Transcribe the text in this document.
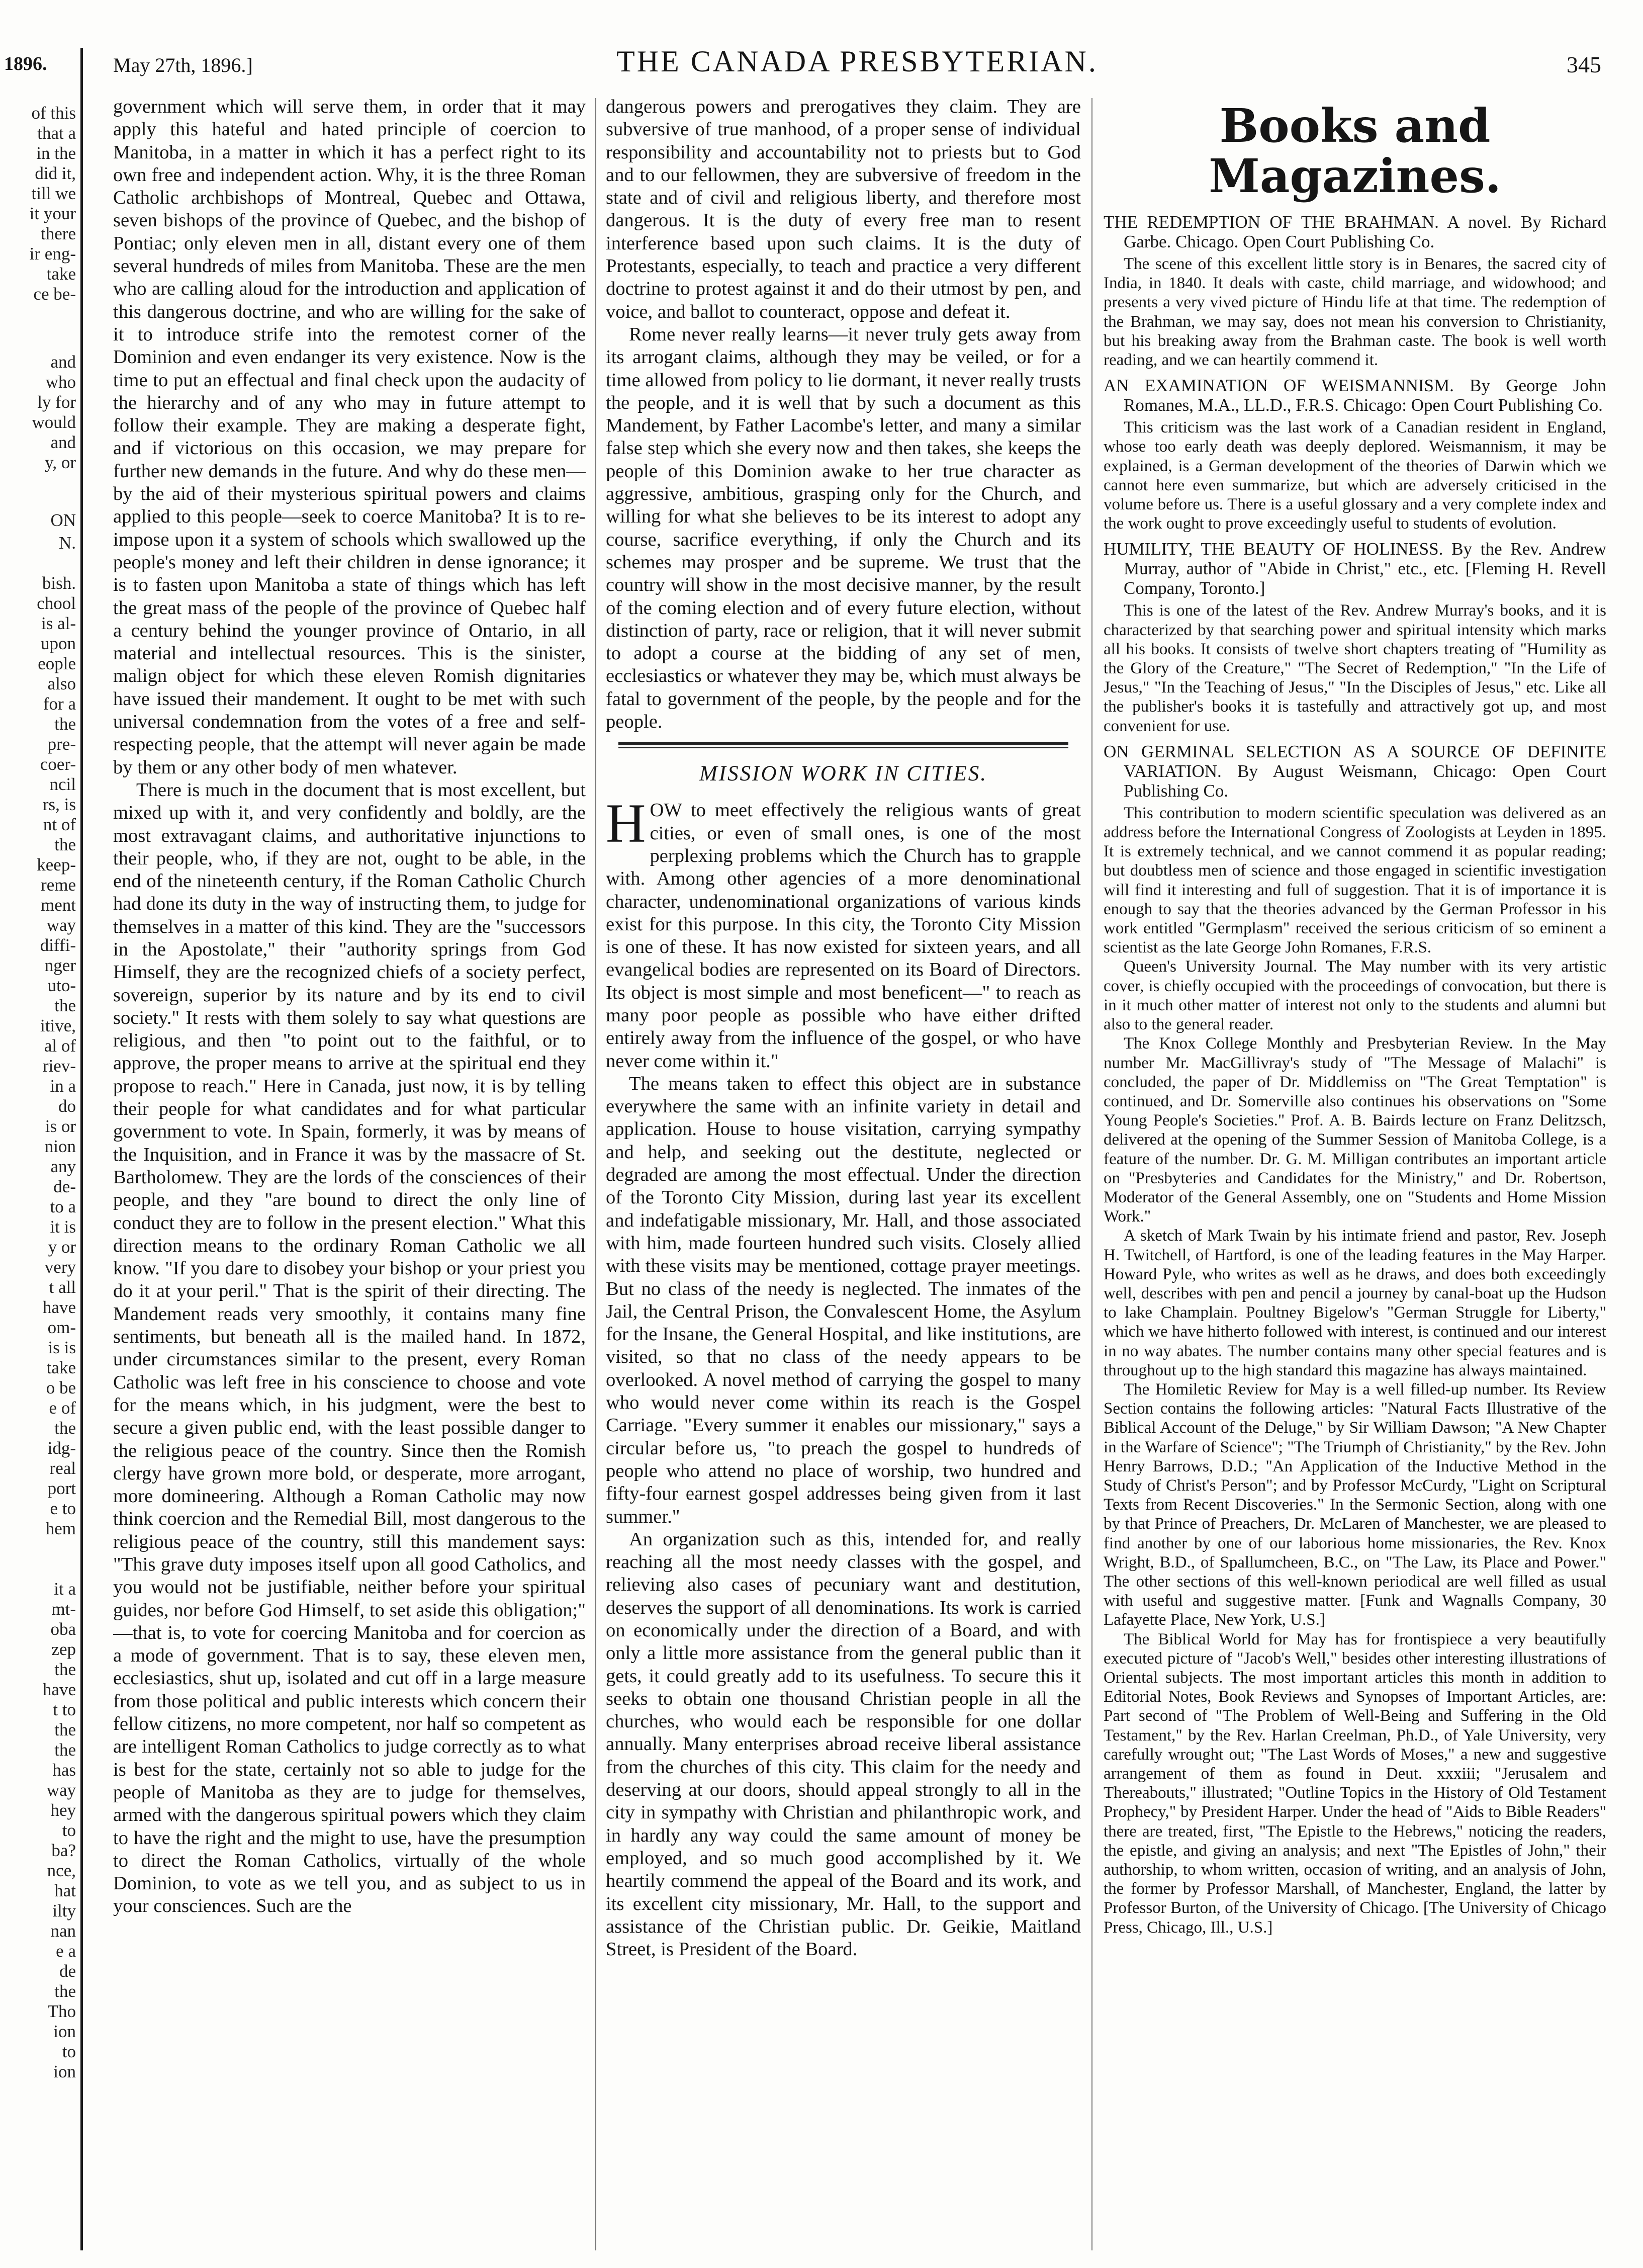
1896.
of this
that a
in the
did it,
till we
it your
there
ir eng-
take
ce be-
and
who
ly for
would
and
y, or
ON
N.
bish.
chool
is al-
upon
eople
also
for a
the
pre-
coer-
ncil
rs, is
nt of
the
keep-
reme
ment
way
diffi-
nger
uto-
the
itive,
al of
riev-
in a
do
is or
nion
any
de-
to a
it is
y or
very
t all
have
om-
is is
take
o be
e of
the
idg-
real
port
e to
hem
it a
mt-
oba
zep
the
have
t to
the
the
has
way
hey
to
ba?
nce,
hat
ilty
nan
e a
de
the
Tho
ion
to
ion
THE CANADA PRESBYTERIAN.
May 27th, 1896.]	345

government which will serve them, in order that it may apply this hateful and hated principle of coercion to Manitoba, in a matter in which it has a perfect right to its own free and independent action. Why, it is the three Roman Catholic archbishops of Montreal, Quebec and Ottawa, seven bishops of the province of Quebec, and the bishop of Pontiac; only eleven men in all, distant every one of them several hundreds of miles from Manitoba. These are the men who are calling aloud for the introduction and application of this dangerous doctrine, and who are willing for the sake of it to introduce strife into the remotest corner of the Dominion and even endanger its very existence. Now is the time to put an effectual and final check upon the audacity of the hierarchy and of any who may in future attempt to follow their example. They are making a desperate fight, and if victorious on this occasion, we may prepare for further new demands in the future. And why do these men—by the aid of their mysterious spiritual powers and claims applied to this people—seek to coerce Manitoba? It is to re-impose upon it a system of schools which swallowed up the people's money and left their children in dense ignorance; it is to fasten upon Manitoba a state of things which has left the great mass of the people of the province of Quebec half a century behind the younger province of Ontario, in all material and intellectual resources. This is the sinister, malign object for which these eleven Romish dignitaries have issued their mandement. It ought to be met with such universal condemnation from the votes of a free and self-respecting people, that the attempt will never again be made by them or any other body of men whatever.

There is much in the document that is most excellent, but mixed up with it, and very confidently and boldly, are the most extravagant claims, and authoritative injunctions to their people, who, if they are not, ought to be able, in the end of the nineteenth century, if the Roman Catholic Church had done its duty in the way of instructing them, to judge for themselves in a matter of this kind. They are the "successors in the Apostolate," their "authority springs from God Himself, they are the recognized chiefs of a society perfect, sovereign, superior by its nature and by its end to civil society." It rests with them solely to say what questions are religious, and then "to point out to the faithful, or to approve, the proper means to arrive at the spiritual end they propose to reach." Here in Canada, just now, it is by telling their people for what candidates and for what particular government to vote. In Spain, formerly, it was by means of the Inquisition, and in France it was by the massacre of St. Bartholomew. They are the lords of the consciences of their people, and they "are bound to direct the only line of conduct they are to follow in the present election." What this direction means to the ordinary Roman Catholic we all know. "If you dare to disobey your bishop or your priest you do it at your peril." That is the spirit of their directing. The Mandement reads very smoothly, it contains many fine sentiments, but beneath all is the mailed hand. In 1872, under circumstances similar to the present, every Roman Catholic was left free in his conscience to choose and vote for the means which, in his judgment, were the best to secure a given public end, with the least possible danger to the religious peace of the country. Since then the Romish clergy have grown more bold, or desperate, more arrogant, more domineering. Although a Roman Catholic may now think coercion and the Remedial Bill, most dangerous to the religious peace of the country, still this mandement says: "This grave duty imposes itself upon all good Catholics, and you would not be justifiable, neither before your spiritual guides, nor before God Himself, to set aside this obligation;" —that is, to vote for coercing Manitoba and for coercion as a mode of government. That is to say, these eleven men, ecclesiastics, shut up, isolated and cut off in a large measure from those political and public interests which concern their fellow citizens, no more competent, nor half so competent as are intelligent Roman Catholics to judge correctly as to what is best for the state, certainly not so able to judge for the people of Manitoba as they are to judge for themselves, armed with the dangerous spiritual powers which they claim to have the right and the might to use, have the presumption to direct the Roman Catholics, virtually of the whole Dominion, to vote as we tell you, and as subject to us in your consciences. Such are the

dangerous powers and prerogatives they claim. They are subversive of true manhood, of a proper sense of individual responsibility and accountability not to priests but to God and to our fellowmen, they are subversive of freedom in the state and of civil and religious liberty, and therefore most dangerous. It is the duty of every free man to resent interference based upon such claims. It is the duty of Protestants, especially, to teach and practice a very different doctrine to protest against it and do their utmost by pen, and voice, and ballot to counteract, oppose and defeat it.

Rome never really learns—it never truly gets away from its arrogant claims, although they may be veiled, or for a time allowed from policy to lie dormant, it never really trusts the people, and it is well that by such a document as this Mandement, by Father Lacombe's letter, and many a similar false step which she every now and then takes, she keeps the people of this Dominion awake to her true character as aggressive, ambitious, grasping only for the Church, and willing for what she believes to be its interest to adopt any course, sacrifice everything, if only the Church and its schemes may prosper and be supreme. We trust that the country will show in the most decisive manner, by the result of the coming election and of every future election, without distinction of party, race or religion, that it will never submit to adopt a course at the bidding of any set of men, ecclesiastics or whatever they may be, which must always be fatal to government of the people, by the people and for the people.

MISSION WORK IN CITIES.

HOW to meet effectively the religious wants of great cities, or even of small ones, is one of the most perplexing problems which the Church has to grapple with. Among other agencies of a more denominational character, undenominational organizations of various kinds exist for this purpose. In this city, the Toronto City Mission is one of these. It has now existed for sixteen years, and all evangelical bodies are represented on its Board of Directors. Its object is most simple and most beneficent—" to reach as many poor people as possible who have either drifted entirely away from the influence of the gospel, or who have never come within it."

The means taken to effect this object are in substance everywhere the same with an infinite variety in detail and application. House to house visitation, carrying sympathy and help, and seeking out the destitute, neglected or degraded are among the most effectual. Under the direction of the Toronto City Mission, during last year its excellent and indefatigable missionary, Mr. Hall, and those associated with him, made fourteen hundred such visits. Closely allied with these visits may be mentioned, cottage prayer meetings. But no class of the needy is neglected. The inmates of the Jail, the Central Prison, the Convalescent Home, the Asylum for the Insane, the General Hospital, and like institutions, are visited, so that no class of the needy appears to be overlooked. A novel method of carrying the gospel to many who would never come within its reach is the Gospel Carriage. "Every summer it enables our missionary," says a circular before us, "to preach the gospel to hundreds of people who attend no place of worship, two hundred and fifty-four earnest gospel addresses being given from it last summer."

An organization such as this, intended for, and really reaching all the most needy classes with the gospel, and relieving also cases of pecuniary want and destitution, deserves the support of all denominations. Its work is carried on economically under the direction of a Board, and with only a little more assistance from the general public than it gets, it could greatly add to its usefulness. To secure this it seeks to obtain one thousand Christian people in all the churches, who would each be responsible for one dollar annually. Many enterprises abroad receive liberal assistance from the churches of this city. This claim for the needy and deserving at our doors, should appeal strongly to all in the city in sympathy with Christian and philanthropic work, and in hardly any way could the same amount of money be employed, and so much good accomplished by it. We heartily commend the appeal of the Board and its work, and its excellent city missionary, Mr. Hall, to the support and assistance of the Christian public. Dr. Geikie, Maitland Street, is President of the Board.

Books and Magazines.
THE REDEMPTION OF THE BRAHMAN. A novel. By Richard Garbe. Chicago. Open Court Publishing Co.

The scene of this excellent little story is in Benares, the sacred city of India, in 1840. It deals with caste, child marriage, and widowhood; and presents a very vived picture of Hindu life at that time. The redemption of the Brahman, we may say, does not mean his conversion to Christianity, but his breaking away from the Brahman caste. The book is well worth reading, and we can heartily commend it.

AN EXAMINATION OF WEISMANNISM. By George John Romanes, M.A., LL.D., F.R.S. Chicago: Open Court Publishing Co.

This criticism was the last work of a Canadian resident in England, whose too early death was deeply deplored. Weismannism, it may be explained, is a German development of the theories of Darwin which we cannot here even summarize, but which are adversely criticised in the volume before us. There is a useful glossary and a very complete index and the work ought to prove exceedingly useful to students of evolution.

HUMILITY, THE BEAUTY OF HOLINESS. By the Rev. Andrew Murray, author of "Abide in Christ," etc., etc. [Fleming H. Revell Company, Toronto.]

This is one of the latest of the Rev. Andrew Murray's books, and it is characterized by that searching power and spiritual intensity which marks all his books. It consists of twelve short chapters treating of "Humility as the Glory of the Creature," "The Secret of Redemption," "In the Life of Jesus," "In the Teaching of Jesus," "In the Disciples of Jesus," etc. Like all the publisher's books it is tastefully and attractively got up, and most convenient for use.

ON GERMINAL SELECTION AS A SOURCE OF DEFINITE VARIATION. By August Weismann, Chicago: Open Court Publishing Co.

This contribution to modern scientific speculation was delivered as an address before the International Congress of Zoologists at Leyden in 1895. It is extremely technical, and we cannot commend it as popular reading; but doubtless men of science and those engaged in scientific investigation will find it interesting and full of suggestion. That it is of importance it is enough to say that the theories advanced by the German Professor in his work entitled "Germplasm" received the serious criticism of so eminent a scientist as the late George John Romanes, F.R.S.

Queen's University Journal. The May number with its very artistic cover, is chiefly occupied with the proceedings of convocation, but there is in it much other matter of interest not only to the students and alumni but also to the general reader.

The Knox College Monthly and Presbyterian Review. In the May number Mr. MacGillivray's study of "The Message of Malachi" is concluded, the paper of Dr. Middlemiss on "The Great Temptation" is continued, and Dr. Somerville also continues his observations on "Some Young People's Societies." Prof. A. B. Bairds lecture on Franz Delitzsch, delivered at the opening of the Summer Session of Manitoba College, is a feature of the number. Dr. G. M. Milligan contributes an important article on "Presbyteries and Candidates for the Ministry," and Dr. Robertson, Moderator of the General Assembly, one on "Students and Home Mission Work."

A sketch of Mark Twain by his intimate friend and pastor, Rev. Joseph H. Twitchell, of Hartford, is one of the leading features in the May Harper. Howard Pyle, who writes as well as he draws, and does both exceedingly well, describes with pen and pencil a journey by canal-boat up the Hudson to lake Champlain. Poultney Bigelow's "German Struggle for Liberty," which we have hitherto followed with interest, is continued and our interest in no way abates. The number contains many other special features and is throughout up to the high standard this magazine has always maintained.

The Homiletic Review for May is a well filled-up number. Its Review Section contains the following articles: "Natural Facts Illustrative of the Biblical Account of the Deluge," by Sir William Dawson; "A New Chapter in the Warfare of Science"; "The Triumph of Christianity," by the Rev. John Henry Barrows, D.D.; "An Application of the Inductive Method in the Study of Christ's Person"; and by Professor McCurdy, "Light on Scriptural Texts from Recent Discoveries." In the Sermonic Section, along with one by that Prince of Preachers, Dr. McLaren of Manchester, we are pleased to find another by one of our laborious home missionaries, the Rev. Knox Wright, B.D., of Spallumcheen, B.C., on "The Law, its Place and Power." The other sections of this well-known periodical are well filled as usual with useful and suggestive matter. [Funk and Wagnalls Company, 30 Lafayette Place, New York, U.S.]

The Biblical World for May has for frontispiece a very beautifully executed picture of "Jacob's Well," besides other interesting illustrations of Oriental subjects. The most important articles this month in addition to Editorial Notes, Book Reviews and Synopses of Important Articles, are: Part second of "The Problem of Well-Being and Suffering in the Old Testament," by the Rev. Harlan Creelman, Ph.D., of Yale University, very carefully wrought out; "The Last Words of Moses," a new and suggestive arrangement of them as found in Deut. xxxiii; "Jerusalem and Thereabouts," illustrated; "Outline Topics in the History of Old Testament Prophecy," by President Harper. Under the head of "Aids to Bible Readers" there are treated, first, "The Epistle to the Hebrews," noticing the readers, the epistle, and giving an analysis; and next "The Epistles of John," their authorship, to whom written, occasion of writing, and an analysis of John, the former by Professor Marshall, of Manchester, England, the latter by Professor Burton, of the University of Chicago. [The University of Chicago Press, Chicago, Ill., U.S.]
